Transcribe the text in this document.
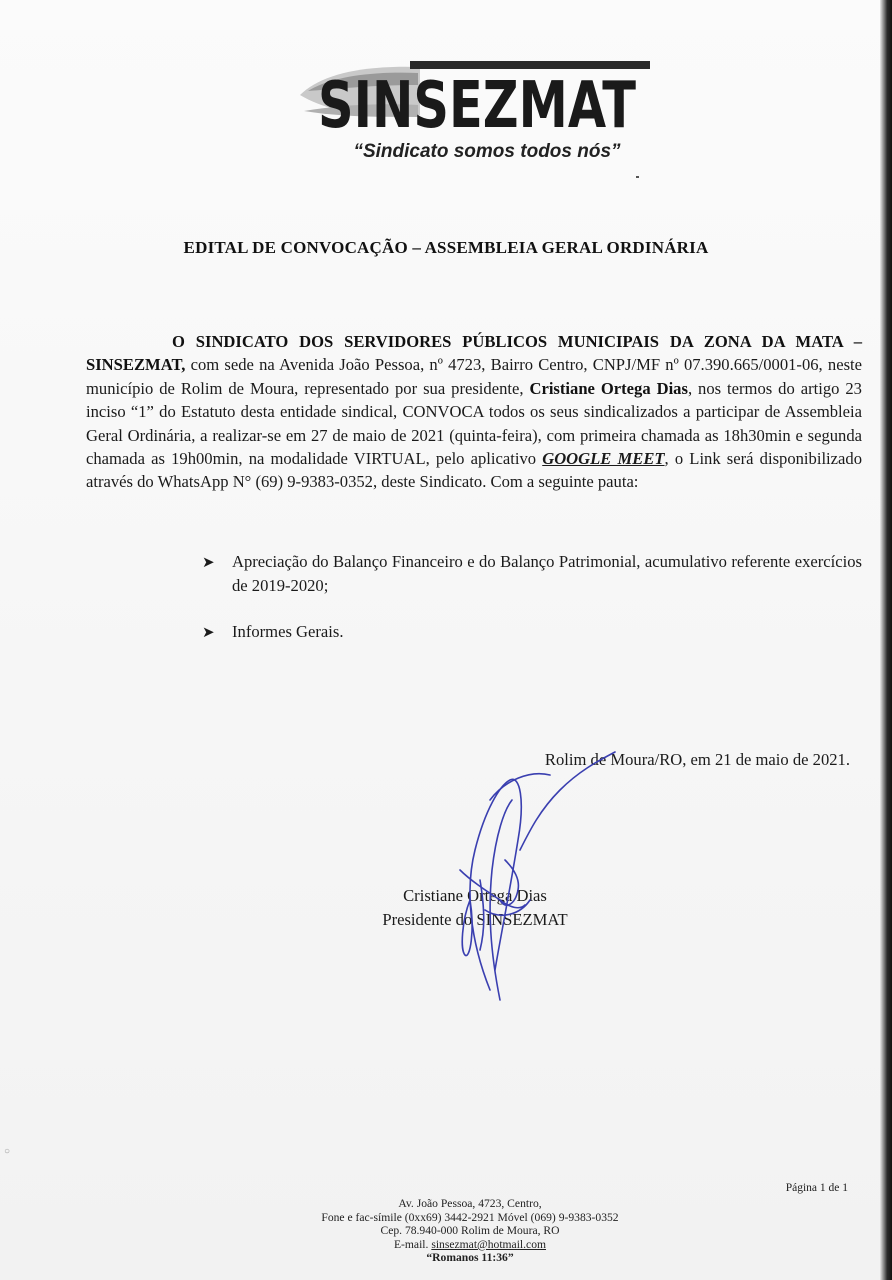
SINSEZMAT
“Sindicato somos todos nós”
EDITAL DE CONVOCAÇÃO – ASSEMBLEIA GERAL ORDINÁRIA
O SINDICATO DOS SERVIDORES PÚBLICOS MUNICIPAIS DA ZONA DA MATA – SINSEZMAT, com sede na Avenida João Pessoa, nº 4723, Bairro Centro, CNPJ/MF nº 07.390.665/0001-06, neste município de Rolim de Moura, representado por sua presidente, Cristiane Ortega Dias, nos termos do artigo 23 inciso “1” do Estatuto desta entidade sindical, CONVOCA todos os seus sindicalizados a participar de Assembleia Geral Ordinária, a realizar-se em 27 de maio de 2021 (quinta-feira), com primeira chamada as 18h30min e segunda chamada as 19h00min, na modalidade VIRTUAL, pelo aplicativo GOOGLE MEET, o Link será disponibilizado através do WhatsApp N° (69) 9-9383-0352, deste Sindicato. Com a seguinte pauta:
➤ Apreciação do Balanço Financeiro e do Balanço Patrimonial, acumulativo referente exercícios de 2019-2020;
➤ Informes Gerais.
Rolim de Moura/RO, em 21 de maio de 2021.
Cristiane Ortega Dias
Presidente do SINSEZMAT
Página 1 de 1
Av. João Pessoa, 4723, Centro,
Fone e fac-símile (0xx69) 3442-2921 Móvel (069) 9-9383-0352
Cep. 78.940-000 Rolim de Moura, RO
E-mail. sinsezmat@hotmail.com
“Romanos 11:36”
○
